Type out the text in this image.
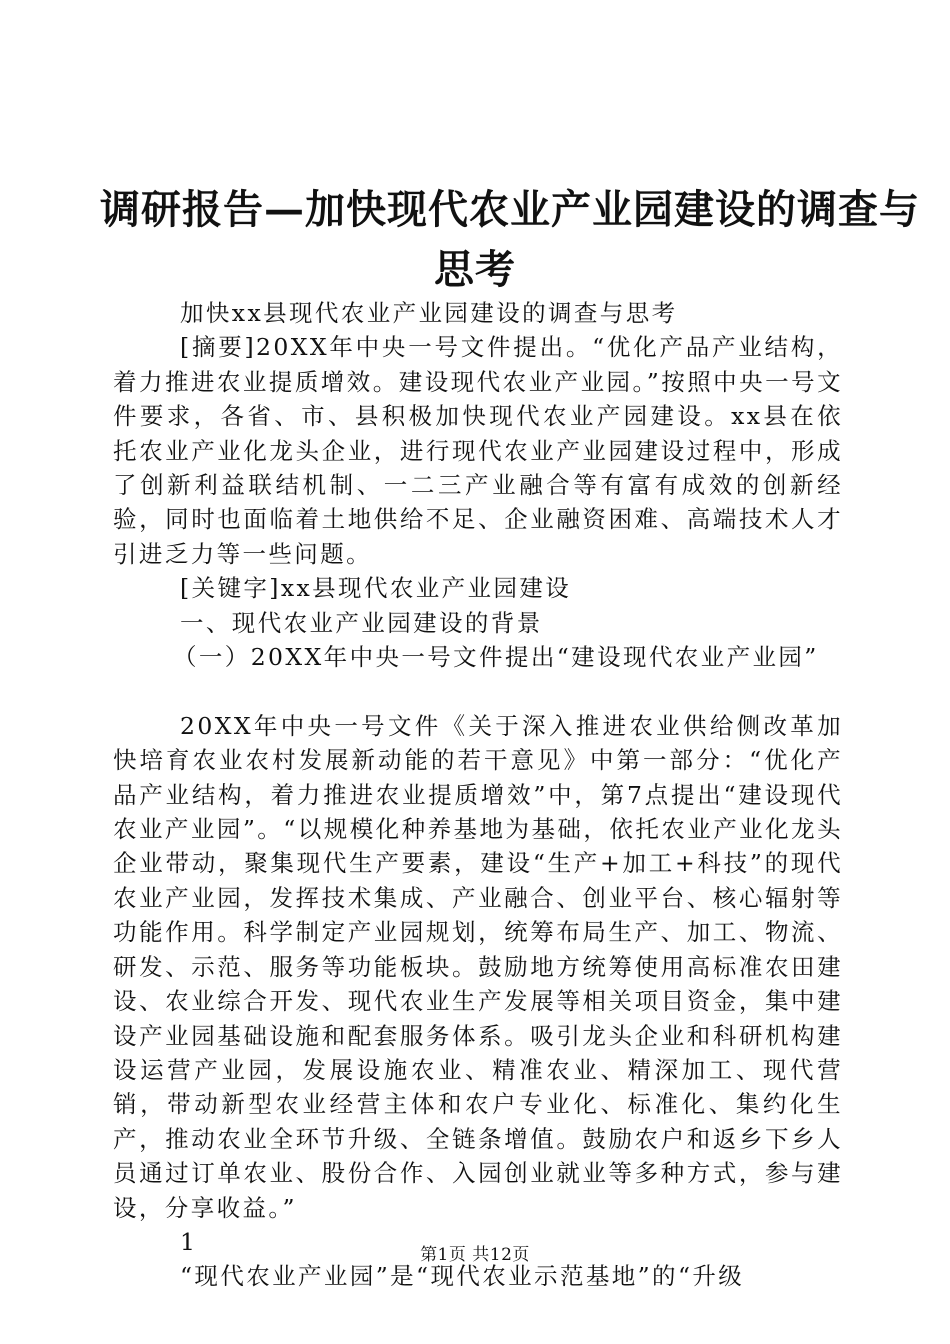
调研报告—加快现代农业产业园建设的调查与
思考

加快xx县现代农业产业园建设的调查与思考

[摘要]20XX年中央一号文件提出。“优化产品产业结构，着力推进农业提质增效。建设现代农业产业园。”按照中央一号文件要求，各省、市、县积极加快现代农业产园建设。xx县在依托农业产业化龙头企业，进行现代农业产业园建设过程中，形成了创新利益联结机制、一二三产业融合等有富有成效的创新经验，同时也面临着土地供给不足、企业融资困难、高端技术人才引进乏力等一些问题。

[关键字]xx县现代农业产业园建设

一、现代农业产业园建设的背景

（一）20XX年中央一号文件提出“建设现代农业产业园”

20XX年中央一号文件《关于深入推进农业供给侧改革加快培育农业农村发展新动能的若干意见》中第一部分：“优化产品产业结构，着力推进农业提质增效”中，第7点提出“建设现代农业产业园”。“以规模化种养基地为基础，依托农业产业化龙头企业带动，聚集现代生产要素，建设“生产+加工+科技”的现代农业产业园，发挥技术集成、产业融合、创业平台、核心辐射等功能作用。科学制定产业园规划，统筹布局生产、加工、物流、研发、示范、服务等功能板块。鼓励地方统筹使用高标准农田建设、农业综合开发、现代农业生产发展等相关项目资金，集中建设产业园基础设施和配套服务体系。吸引龙头企业和科研机构建设运营产业园，发展设施农业、精准农业、精深加工、现代营销，带动新型农业经营主体和农户专业化、标准化、集约化生产，推动农业全环节升级、全链条增值。鼓励农户和返乡下乡人员通过订单农业、股份合作、入园创业就业等多种方式，参与建设，分享收益。”

1

“现代农业产业园”是“现代农业示范基地”的“升级

第1页 共12页
